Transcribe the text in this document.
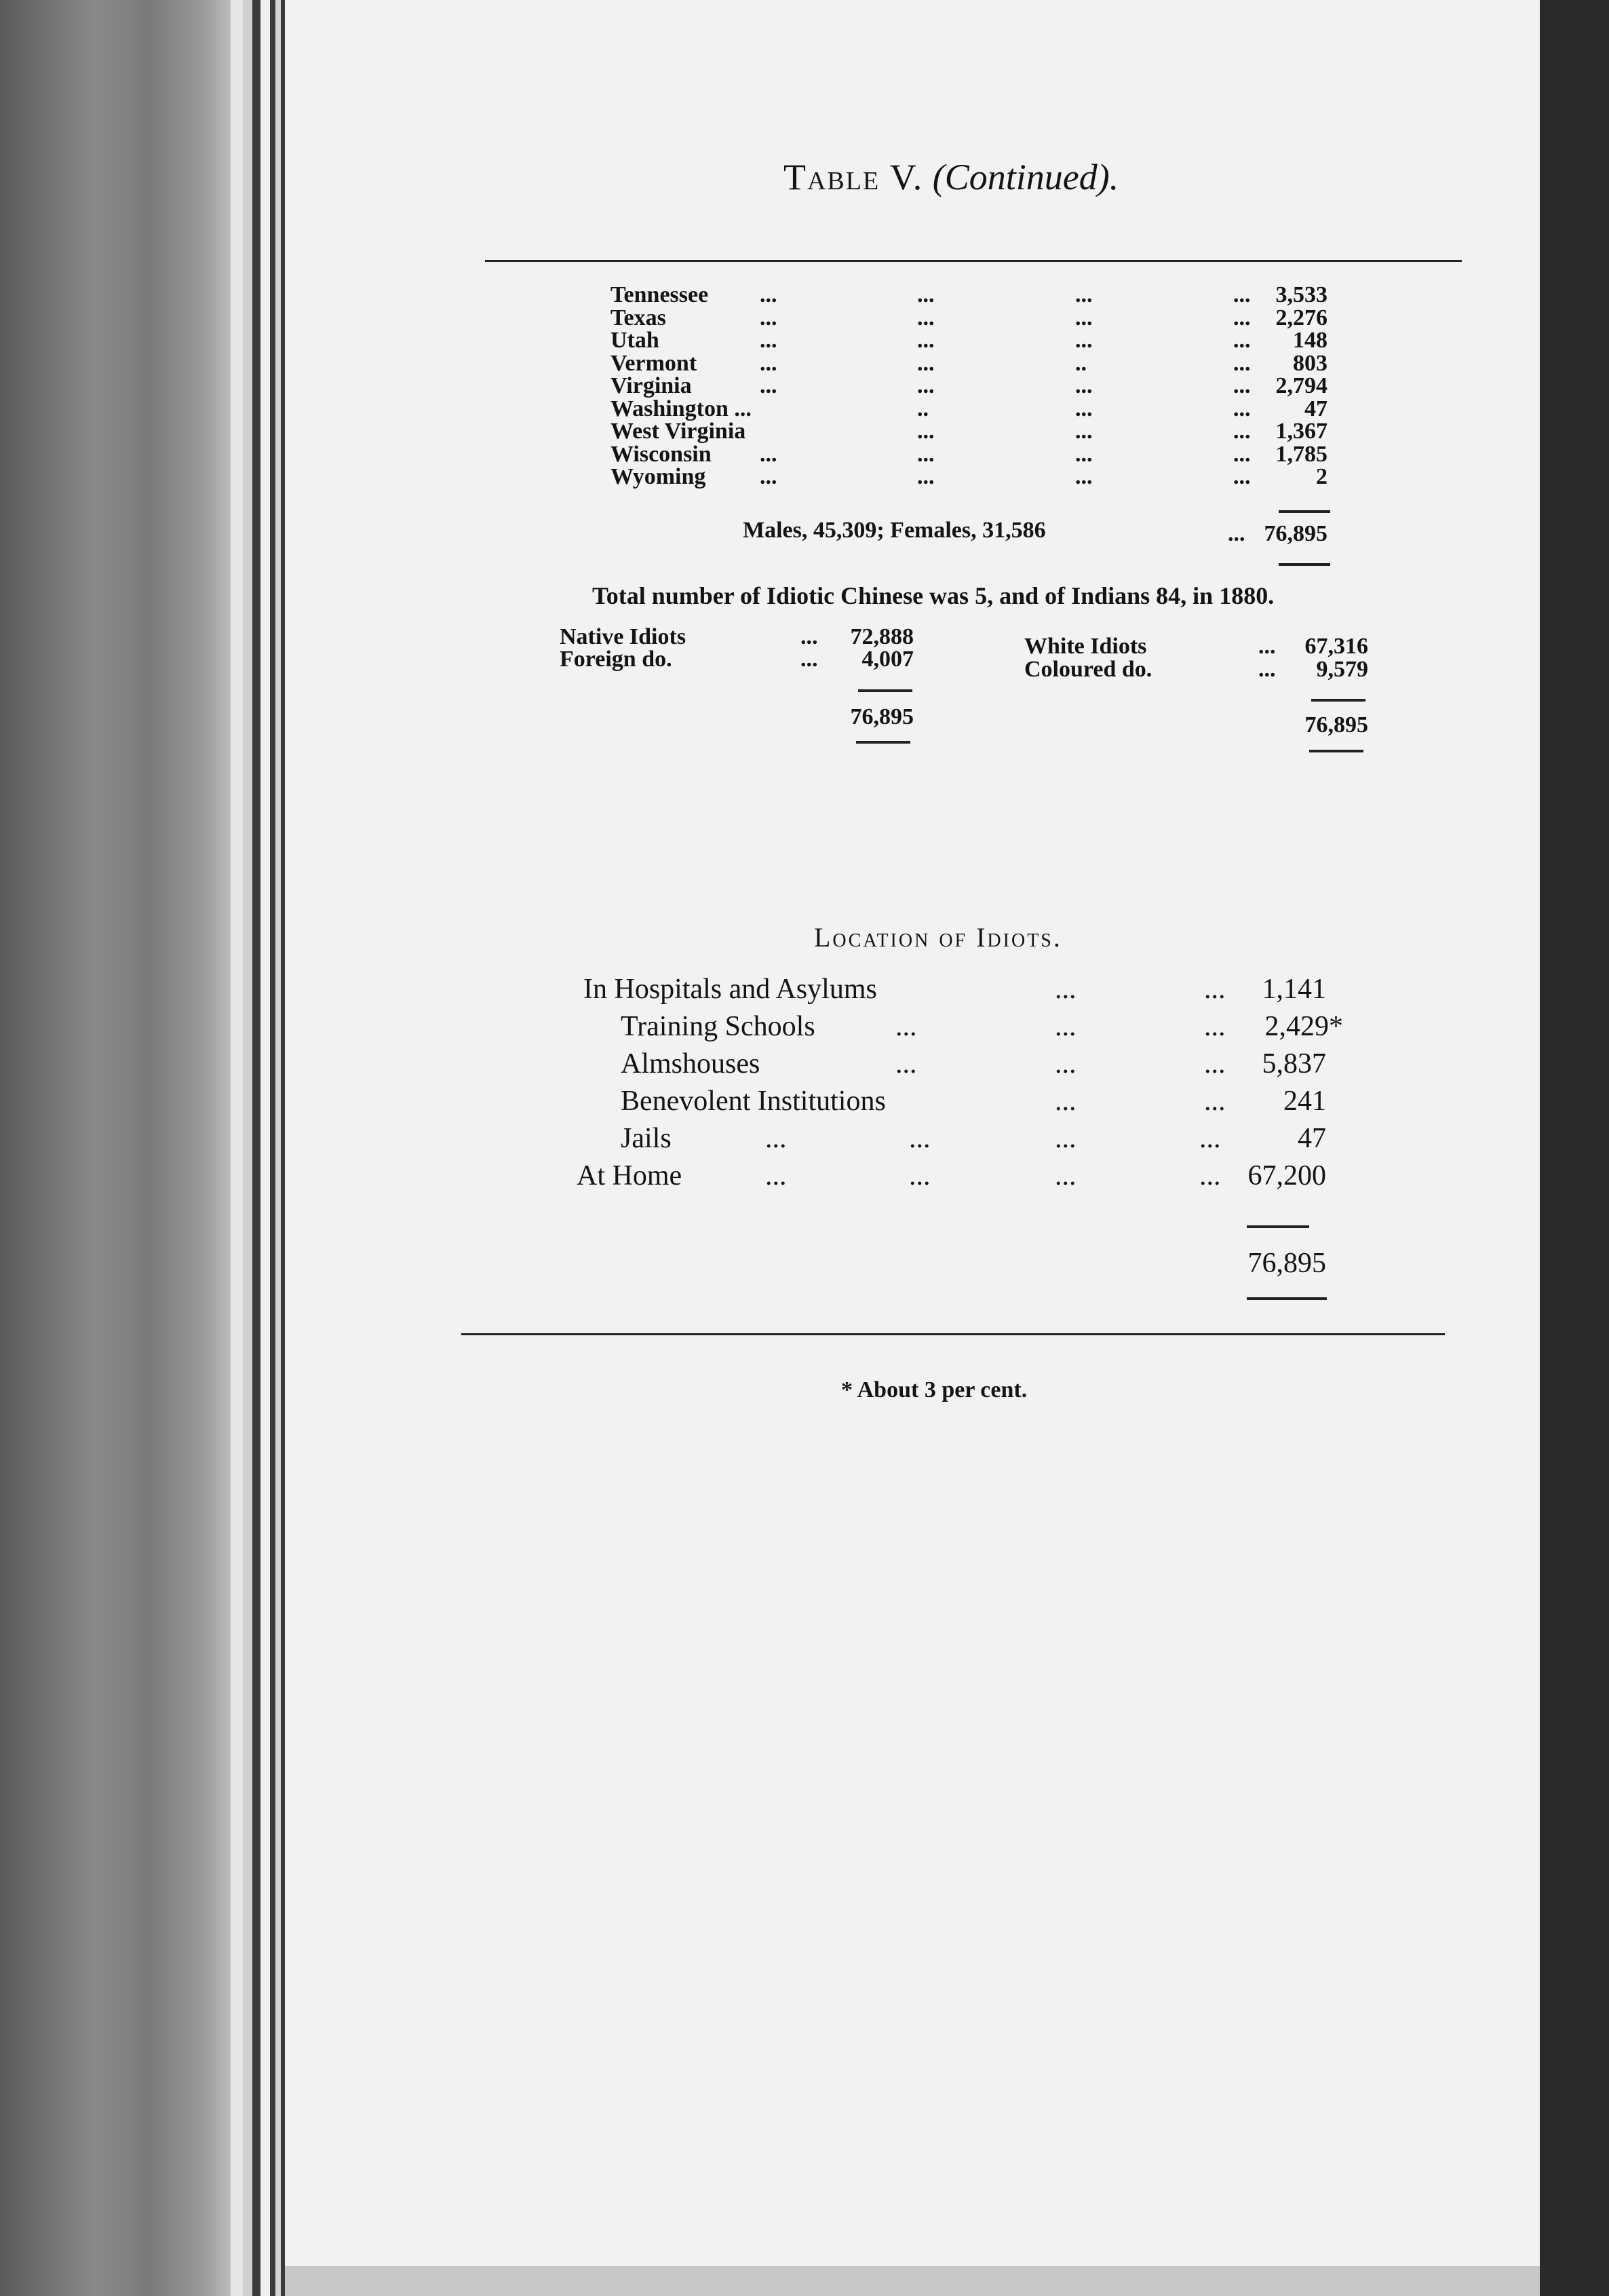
Table V. (Continued).
Tennessee ...	...	...	...	3,533
Texas	...	...	...	...	2,276
Utah	...	...	...	...	148
Vermont	...	...	..	...	803
Virginia	...	...	...	...	2,794
Washington ...	..	...	...	47
West Virginia	...	...	...	1,367
Wisconsin ...	...	...	...	1,785
Wyoming ...	...	...	...	2
Males, 45,309; Females, 31,586	... 76,895
Total number of Idiotic Chinese was 5, and of Indians 84, in 1880.
Native Idiots	...	72,888
Foreign do.	...	4,007
76,895
White Idiots	...	67,316
Coloured do.	...	9,579
76,895
Location of Idiots.
In Hospitals and Asylums	...	...	1,141
Training Schools	...	...	...	2,429*
Almshouses	...	...	...	5,837
Benevolent Institutions	...	...	241
Jails	...	...	...	...	47
At Home	...	...	...	... 67,200
76,895
* About 3 per cent.
